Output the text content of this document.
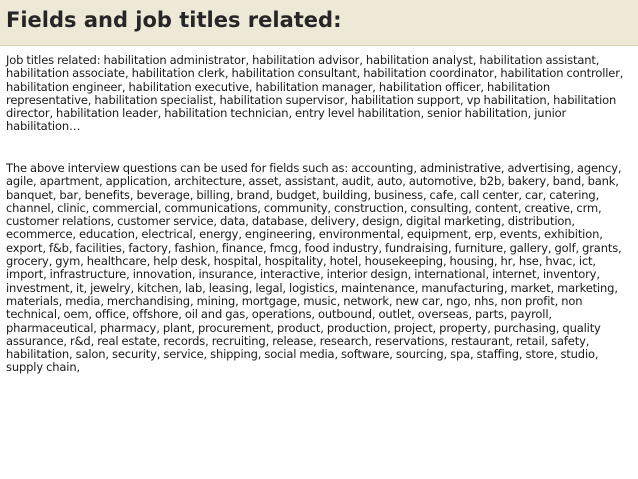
Fields and job titles related:

Job titles related: habilitation administrator, habilitation advisor, habilitation analyst, habilitation assistant, habilitation associate, habilitation clerk, habilitation consultant, habilitation coordinator, habilitation controller, habilitation engineer, habilitation executive, habilitation manager, habilitation officer, habilitation representative, habilitation specialist, habilitation supervisor, habilitation support, vp habilitation, habilitation director, habilitation leader, habilitation technician, entry level habilitation, senior habilitation, junior habilitation…

The above interview questions can be used for fields such as: accounting, administrative, advertising, agency, agile, apartment, application, architecture, asset, assistant, audit, auto, automotive, b2b, bakery, band, bank, banquet, bar, benefits, beverage, billing, brand, budget, building, business, cafe, call center, car, catering, channel, clinic, commercial, communications, community, construction, consulting, content, creative, crm, customer relations, customer service, data, database, delivery, design, digital marketing, distribution, ecommerce, education, electrical, energy, engineering, environmental, equipment, erp, events, exhibition, export, f&b, facilities, factory, fashion, finance, fmcg, food industry, fundraising, furniture, gallery, golf, grants, grocery, gym, healthcare, help desk, hospital, hospitality, hotel, housekeeping, housing, hr, hse, hvac, ict, import, infrastructure, innovation, insurance, interactive, interior design, international, internet, inventory, investment, it, jewelry, kitchen, lab, leasing, legal, logistics, maintenance, manufacturing, market, marketing, materials, media, merchandising, mining, mortgage, music, network, new car, ngo, nhs, non profit, non technical, oem, office, offshore, oil and gas, operations, outbound, outlet, overseas, parts, payroll, pharmaceutical, pharmacy, plant, procurement, product, production, project, property, purchasing, quality assurance, r&d, real estate, records, recruiting, release, research, reservations, restaurant, retail, safety, habilitation, salon, security, service, shipping, social media, software, sourcing, spa, staffing, store, studio, supply chain,
